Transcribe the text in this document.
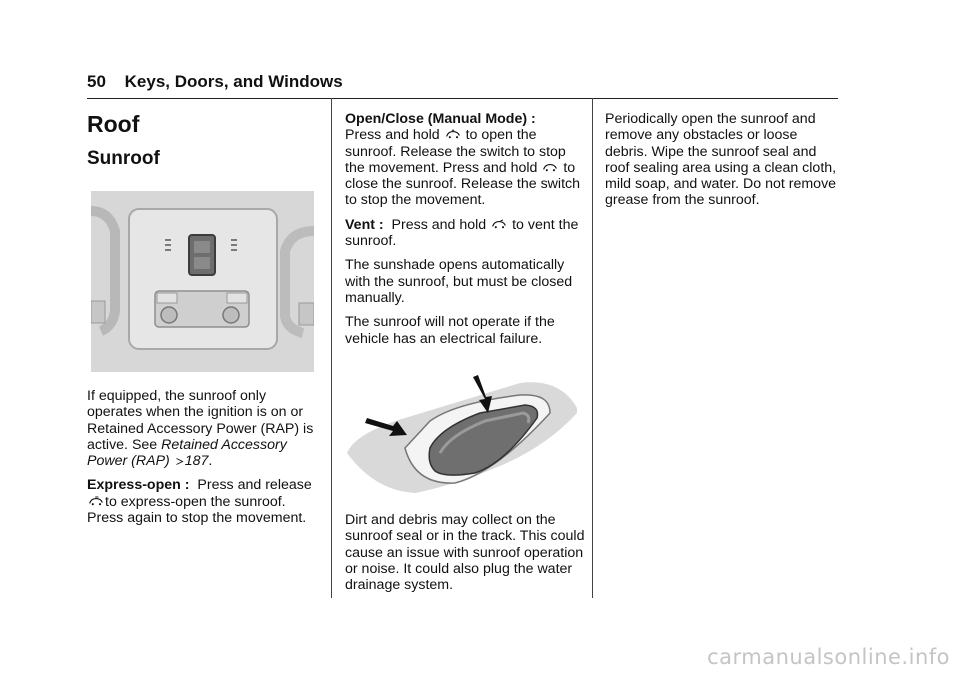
50 Keys, Doors, and Windows
Roof
Sunroof

If equipped, the sunroof only operates when the ignition is on or Retained Accessory Power (RAP) is active. See Retained Accessory Power (RAP) 187.

Express-open : Press and release to express-open the sunroof. Press again to stop the movement.

Open/Close (Manual Mode) :
Press and hold to open the sunroof. Release the switch to stop the movement. Press and hold to close the sunroof. Release the switch to stop the movement.

Vent : Press and hold to vent the sunroof.

The sunshade opens automatically with the sunroof, but must be closed manually.

The sunroof will not operate if the vehicle has an electrical failure.

Dirt and debris may collect on the sunroof seal or in the track. This could cause an issue with sunroof operation or noise. It could also plug the water drainage system.

Periodically open the sunroof and remove any obstacles or loose debris. Wipe the sunroof seal and roof sealing area using a clean cloth, mild soap, and water. Do not remove grease from the sunroof.

carmanualsonline.info
